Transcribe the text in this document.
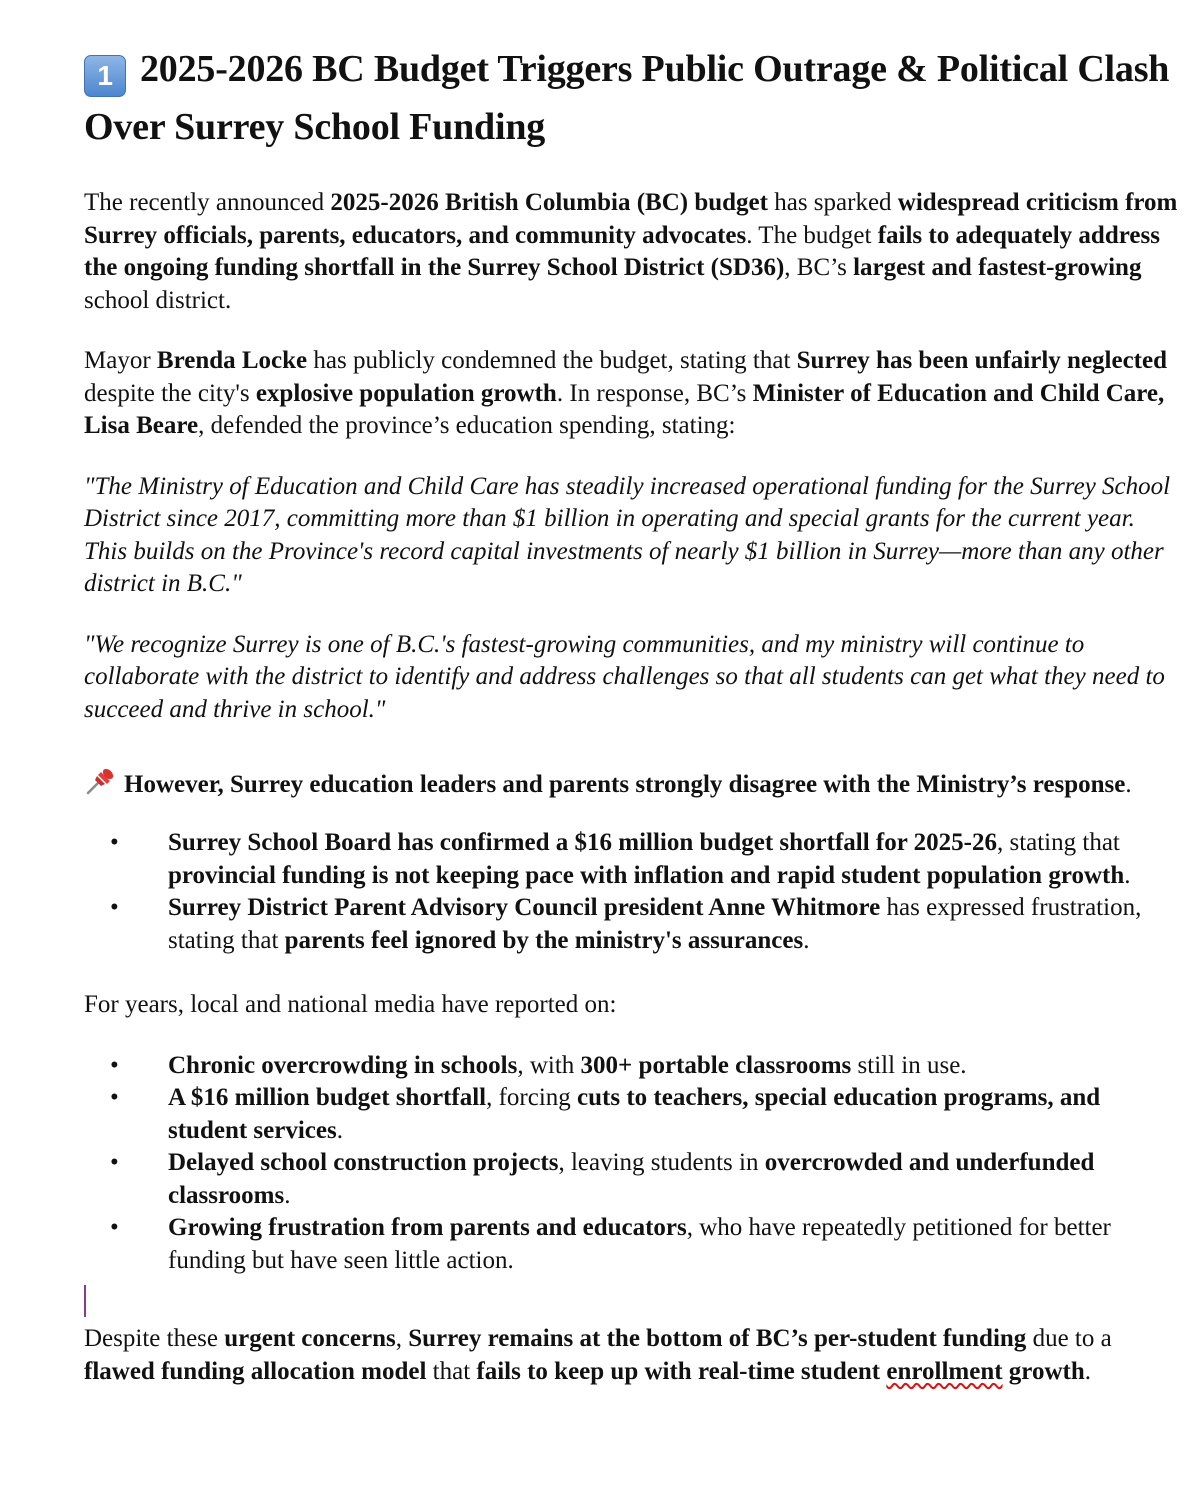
1 2025-2026 BC Budget Triggers Public Outrage & Political Clash Over Surrey School Funding

The recently announced 2025-2026 British Columbia (BC) budget has sparked widespread criticism from Surrey officials, parents, educators, and community advocates. The budget fails to adequately address the ongoing funding shortfall in the Surrey School District (SD36), BC’s largest and fastest-growing school district.

Mayor Brenda Locke has publicly condemned the budget, stating that Surrey has been unfairly neglected despite the city's explosive population growth. In response, BC’s Minister of Education and Child Care, Lisa Beare, defended the province’s education spending, stating:

"The Ministry of Education and Child Care has steadily increased operational funding for the Surrey School District since 2017, committing more than $1 billion in operating and special grants for the current year. This builds on the Province's record capital investments of nearly $1 billion in Surrey—more than any other district in B.C."

"We recognize Surrey is one of B.C.'s fastest-growing communities, and my ministry will continue to collaborate with the district to identify and address challenges so that all students can get what they need to succeed and thrive in school."

However, Surrey education leaders and parents strongly disagree with the Ministry’s response.

• Surrey School Board has confirmed a $16 million budget shortfall for 2025-26, stating that provincial funding is not keeping pace with inflation and rapid student population growth.
• Surrey District Parent Advisory Council president Anne Whitmore has expressed frustration, stating that parents feel ignored by the ministry's assurances.

For years, local and national media have reported on:

• Chronic overcrowding in schools, with 300+ portable classrooms still in use.
• A $16 million budget shortfall, forcing cuts to teachers, special education programs, and student services.
• Delayed school construction projects, leaving students in overcrowded and underfunded classrooms.
• Growing frustration from parents and educators, who have repeatedly petitioned for better funding but have seen little action.

Despite these urgent concerns, Surrey remains at the bottom of BC’s per-student funding due to a flawed funding allocation model that fails to keep up with real-time student enrollment growth.
